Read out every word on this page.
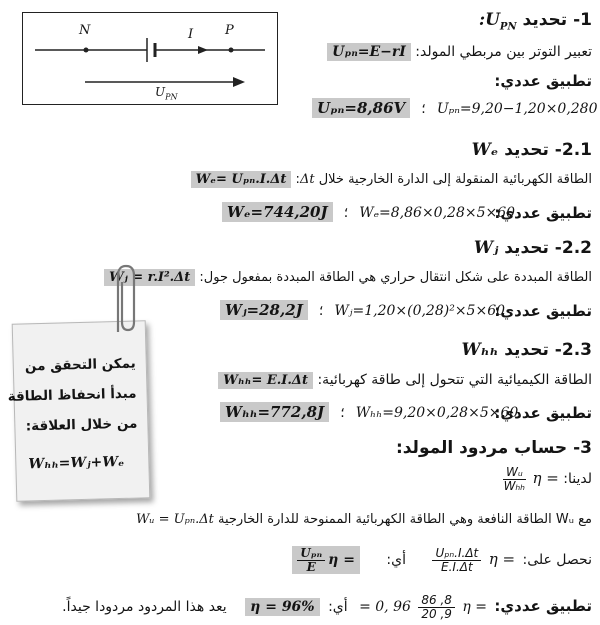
N	P
I
$U_{PN}$
1- تحديد $:U_{PN}$
تعبير التوتر بين مربطي المولد: Uₚₙ=E−rI
تطبيق عددي:
Uₚₙ=8,86V ؛ Uₚₙ=9,20−1,20×0,280
2.1- تحديد Wₑ
الطاقة الكهربائية المنقولة إلى الدارة الخارجية خلال Δt: Wₑ= Uₚₙ.I.Δt
تطبيق عددي:
Wₑ=744,20J ؛ Wₑ=8,86×0,28×5×60
2.2- تحديد Wⱼ
الطاقة المبددة على شكل انتقال حراري هي الطاقة المبددة بمفعول جول: Wⱼ = r.I².Δt
تطبيق عددي:
Wⱼ=28,2J ؛ Wⱼ=1,20×(0,28)²×5×60
2.3- تحديد Wₕₕ
الطاقة الكيميائية التي تتحول إلى طاقة كهربائية: Wₕₕ= E.I.Δt
تطبيق عددي:
Wₕₕ=772,8J ؛ Wₕₕ=9,20×0,28×5×60
يمكن التحقق من
مبدأ انحفاظ الطاقة
من خلال العلاقة:
Wₕₕ=Wⱼ+Wₑ
3- حساب مردود المولد:
لدينا: η =
$\frac{\text{Wᵤ}}{\text{Wₕₕ}}$
مع Wᵤ الطاقة النافعة وهي الطاقة الكهربائية الممنوحة للدارة الخارجية Wᵤ = Uₚₙ.Δt
نحصل على: η =
$\frac{\text{Uₚₙ.I.Δt}}{E.I.\Delta t}$
أي:
η =
$\frac{\text{Uₚₙ}}{E}$
تطبيق عددي: η =
$\frac{8, 86}{9, 20}$
= 0, 96 أي: η = 96% يعد هذا المردود مردودا جيداً.
